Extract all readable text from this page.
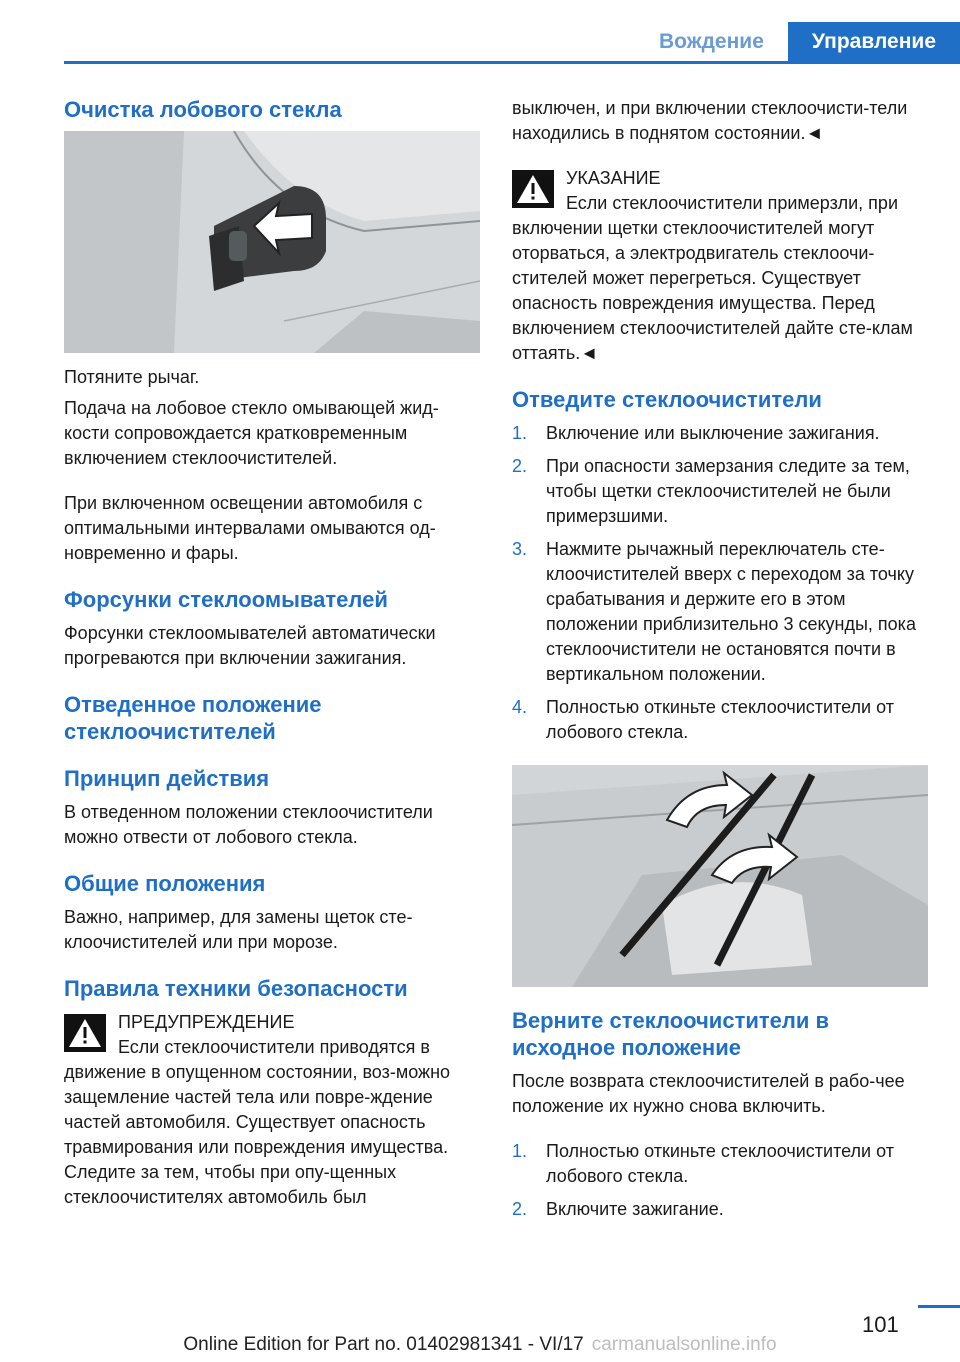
Вождение	Управление
Очистка лобового стекла

Потяните рычаг.

Подача на лобовое стекло омывающей жид-кости сопровождается кратковременным включением стеклоочистителей.

При включенном освещении автомобиля с оптимальными интервалами омываются од-новременно и фары.

Форсунки стеклоомывателей

Форсунки стеклоомывателей автоматически прогреваются при включении зажигания.

Отведенное положение стеклоочистителей
Принцип действия

В отведенном положении стеклоочистители можно отвести от лобового стекла.

Общие положения

Важно, например, для замены щеток сте-клоочистителей или при морозе.

Правила техники безопасности
ПРЕДУПРЕЖДЕНИЕ

Если стеклоочистители приводятся в движение в опущенном состоянии, воз-можно защемление частей тела или повре-ждение частей автомобиля. Существует опасность травмирования или повреждения имущества. Следите за тем, чтобы при опу-щенных стеклоочистителях автомобиль был

выключен, и при включении стеклоочисти-тели находились в поднятом состоянии.◄

УКАЗАНИЕ

Если стеклоочистители примерзли, при включении щетки стеклоочистителей могут оторваться, а электродвигатель стеклоочи-стителей может перегреться. Существует опасность повреждения имущества. Перед включением стеклоочистителей дайте сте-клам оттаять.◄

Отведите стеклоочистители
1. Включение или выключение зажигания.
2. При опасности замерзания следите за тем, чтобы щетки стеклоочистителей не были примерзшими.
3. Нажмите рычажный переключатель сте-клоочистителей вверх с переходом за точку срабатывания и держите его в этом положении приблизительно 3 секунды, пока стеклоочистители не остановятся почти в вертикальном положении.
4. Полностью откиньте стеклоочистители от лобового стекла.
Верните стеклоочистители в исходное положение

После возврата стеклоочистителей в рабо-чее положение их нужно снова включить.

1. Полностью откиньте стеклоочистители от лобового стекла.
2. Включите зажигание.
101
Online Edition for Part no. 01402981341 - VI/17 carmanualsonline.info
